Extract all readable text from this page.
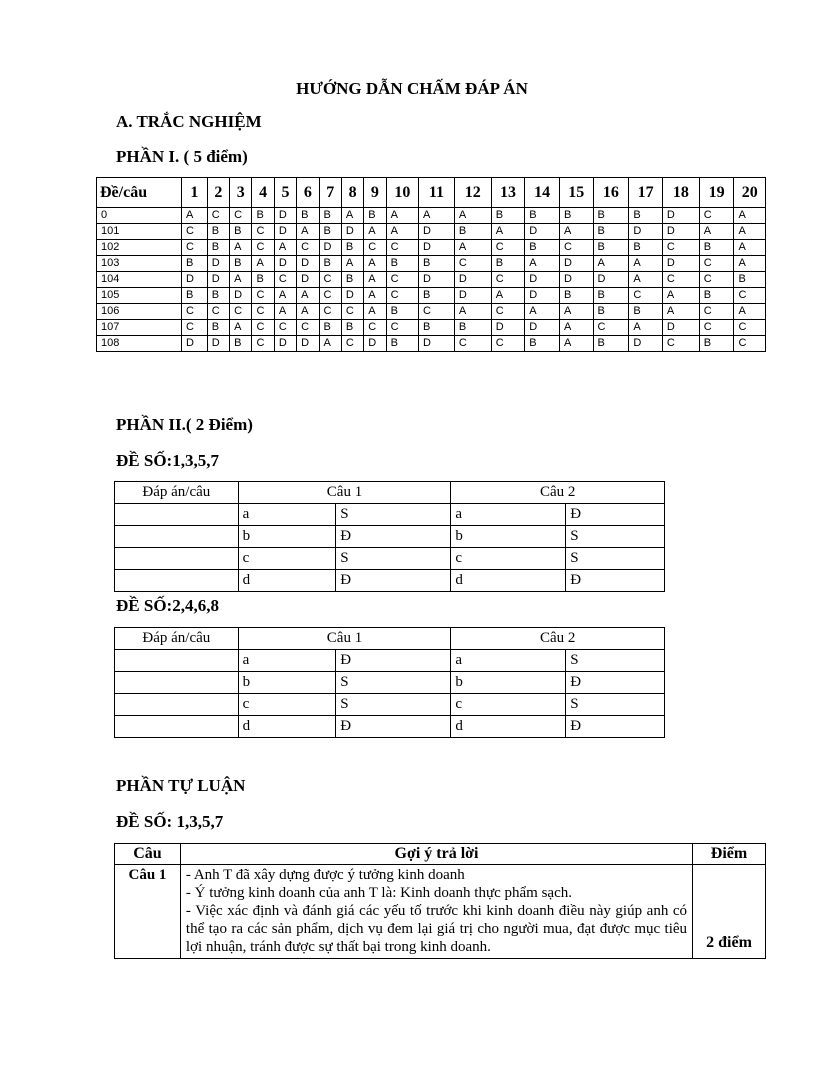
HƯỚNG DẪN CHẤM ĐÁP ÁN
A. TRẮC NGHIỆM
PHẦN I. ( 5 điểm)
Đề/câu	1	2	3	4	5	6	7	8	9	10	11	12	13	14	15	16	17	18	19	20
0	A	C	C	B	D	B	B	A	B	A	A	A	B	B	B	B	B	D	C	A
101	C	B	B	C	D	A	B	D	A	A	D	B	A	D	A	B	D	D	A	A
102	C	B	A	C	A	C	D	B	C	C	D	A	C	B	C	B	B	C	B	A
103	B	D	B	A	D	D	B	A	A	B	B	C	B	A	D	A	A	D	C	A
104	D	D	A	B	C	D	C	B	A	C	D	D	C	D	D	D	A	C	C	B
105	B	B	D	C	A	A	C	D	A	C	B	D	A	D	B	B	C	A	B	C
106	C	C	C	C	A	A	C	C	A	B	C	A	C	A	A	B	B	A	C	A
107	C	B	A	C	C	C	B	B	C	C	B	B	D	D	A	C	A	D	C	C
108	D	D	B	C	D	D	A	C	D	B	D	C	C	B	A	B	D	C	B	C
PHẦN II.( 2 Điểm)
ĐỀ SỐ:1,3,5,7
Đáp án/câu	Câu 1		Câu 2	
	a	S	a	Đ
	b	Đ	b	S
	c	S	c	S
	d	Đ	d	Đ
ĐỀ SỐ:2,4,6,8
Đáp án/câu	Câu 1		Câu 2	
	a	Đ	a	S
	b	S	b	Đ
	c	S	c	S
	d	Đ	d	Đ
PHẦN TỰ LUẬN
ĐỀ SỐ: 1,3,5,7
Câu	Gợi ý trả lời	Điểm
Câu 1	- Anh T đã xây dựng được ý tưởng kinh doanh
- Ý tưởng kinh doanh của anh T là: Kinh doanh thực phẩm sạch.
- Việc xác định và đánh giá các yếu tố trước khi kinh doanh điều này giúp anh có thể tạo ra các sản phẩm, dịch vụ đem lại giá trị cho người mua, đạt được mục tiêu lợi nhuận, tránh được sự thất bại trong kinh doanh.	2 điểm
